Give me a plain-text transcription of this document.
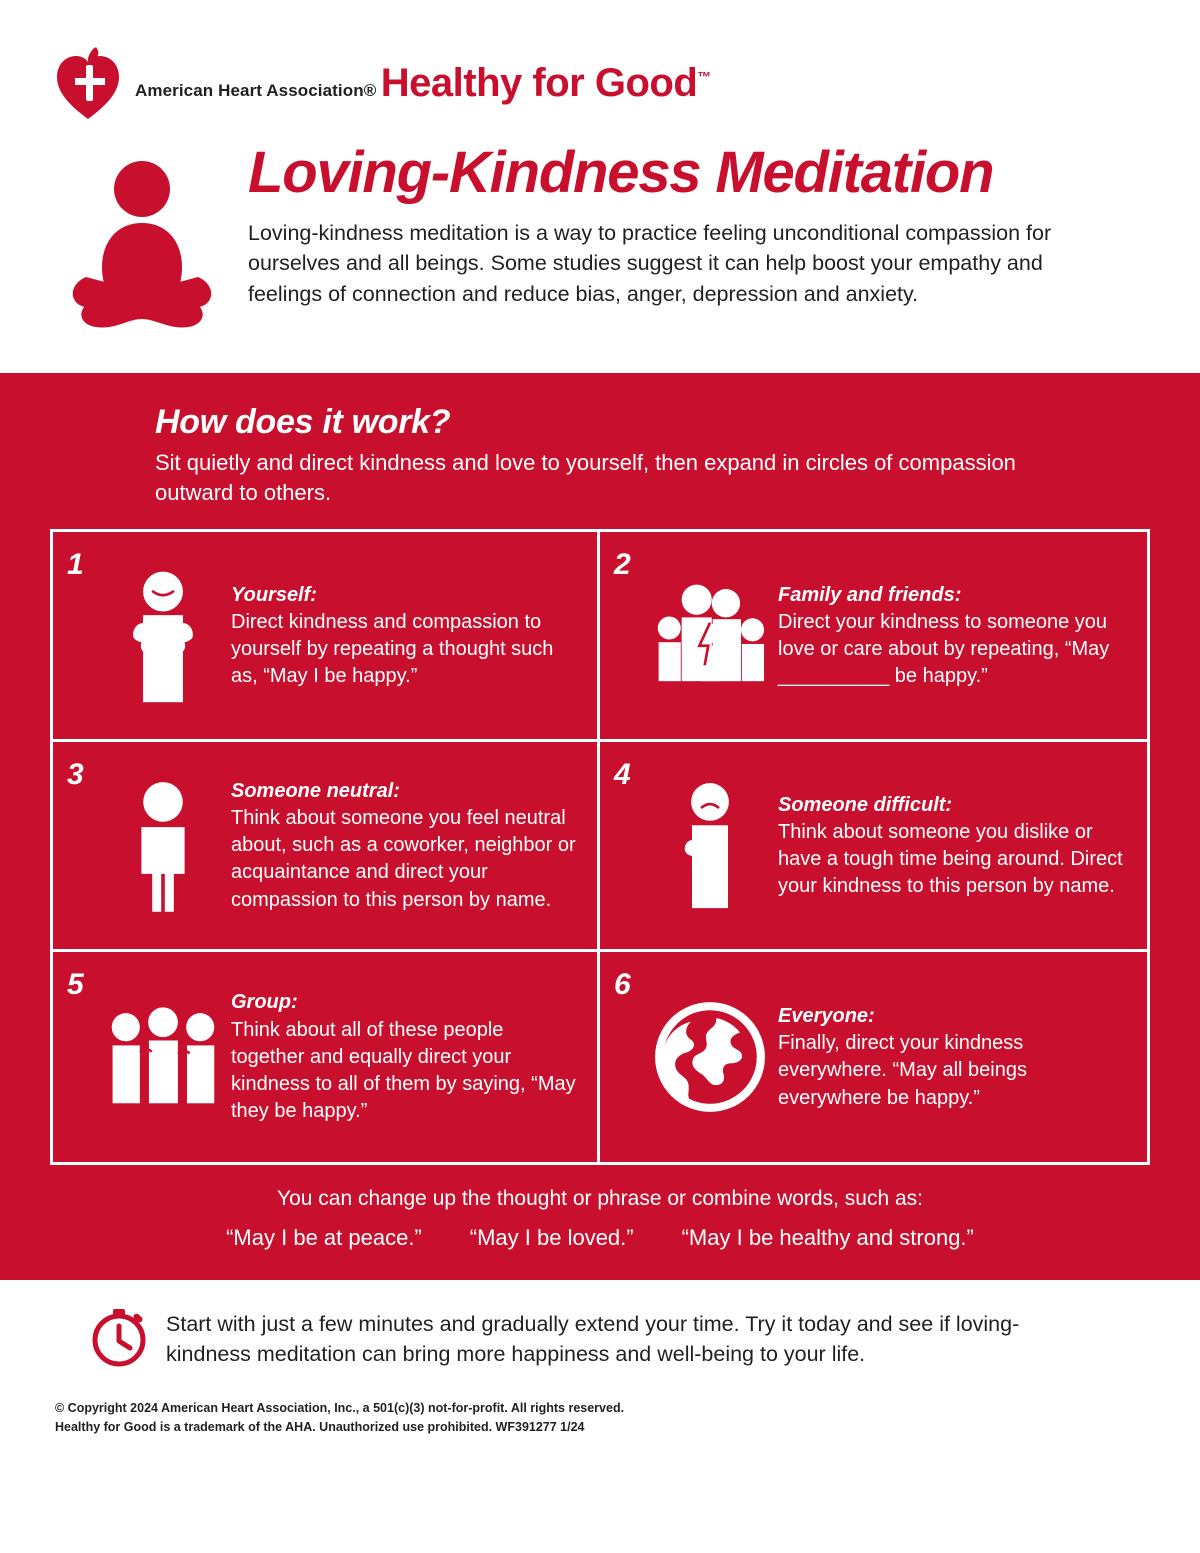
American Heart Association® Healthy for Good™
Loving-Kindness Meditation

Loving-kindness meditation is a way to practice feeling unconditional compassion for ourselves and all beings. Some studies suggest it can help boost your empathy and feelings of connection and reduce bias, anger, depression and anxiety.

How does it work?

Sit quietly and direct kindness and love to yourself, then expand in circles of compassion outward to others.

1
Yourself:
Direct kindness and compassion to yourself by repeating a thought such as, “May I be happy.”
2
Family and friends:
Direct your kindness to someone you love or care about by repeating, “May __________ be happy.”
3	Someone neutral:
Think about someone you feel neutral about, such as a coworker, neighbor or acquaintance and direct your compassion to this person by name.
4
Someone difficult:
Think about someone you dislike or have a tough time being around. Direct your kindness to this person by name.
5
Group:
Think about all of these people together and equally direct your kindness to all of them by saying, “May they be happy.”
6
Everyone:
Finally, direct your kindness everywhere. “May all beings everywhere be happy.”
You can change up the thought or phrase or combine words, such as:
“May I be at peace.” “May I be loved.” “May I be healthy and strong.”
Start with just a few minutes and gradually extend your time. Try it today and see if loving-kindness meditation can bring more happiness and well-being to your life.
© Copyright 2024 American Heart Association, Inc., a 501(c)(3) not-for-profit. All rights reserved.
Healthy for Good is a trademark of the AHA. Unauthorized use prohibited. WF391277 1/24
